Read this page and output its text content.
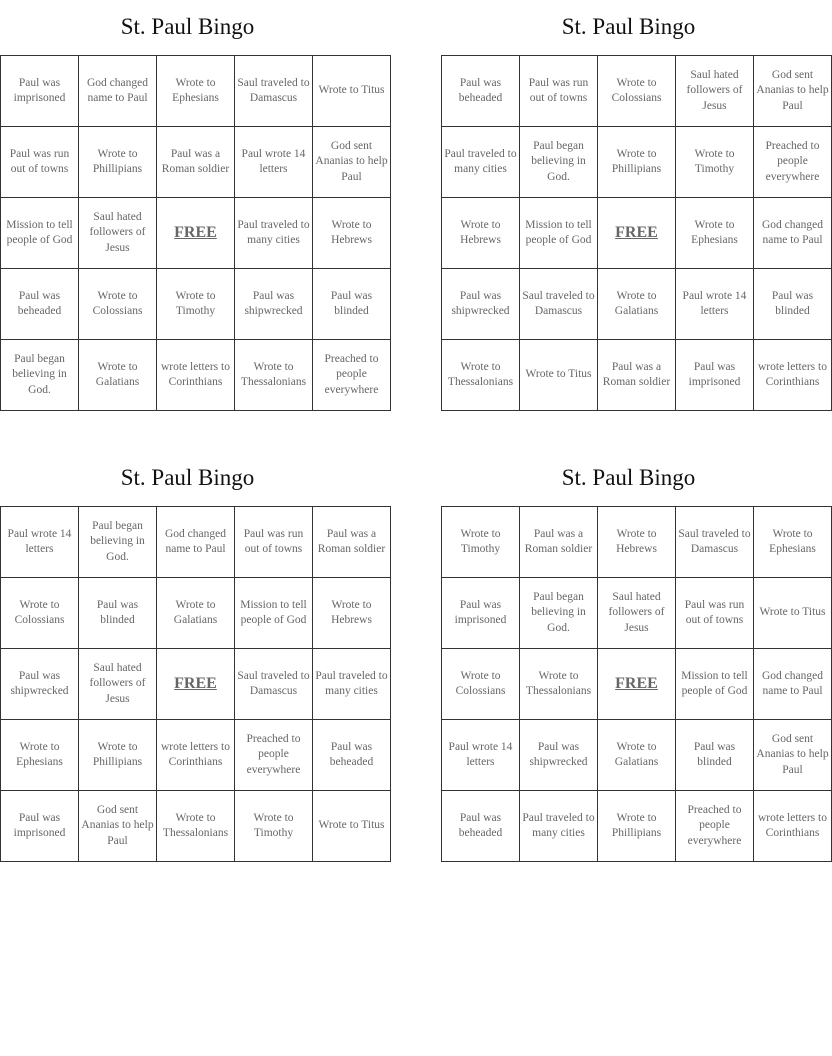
St. Paul Bingo
Paul was imprisoned	God changed name to Paul	Wrote to Ephesians	Saul traveled to Damascus	Wrote to Titus
Paul was run out of towns	Wrote to Phillipians	Paul was a Roman soldier	Paul wrote 14 letters	God sent Ananias to help Paul
Mission to tell people of God	Saul hated followers of Jesus	FREE	Paul traveled to many cities	Wrote to Hebrews
Paul was beheaded	Wrote to Colossians	Wrote to Timothy	Paul was shipwrecked	Paul was blinded
Paul began believing in God.	Wrote to Galatians	wrote letters to Corinthians	Wrote to Thessalonians	Preached to people everywhere
St. Paul Bingo
Paul was beheaded	Paul was run out of towns	Wrote to Colossians	Saul hated followers of Jesus	God sent Ananias to help Paul
Paul traveled to many cities	Paul began believing in God.	Wrote to Phillipians	Wrote to Timothy	Preached to people everywhere
Wrote to Hebrews	Mission to tell people of God	FREE	Wrote to Ephesians	God changed name to Paul
Paul was shipwrecked	Saul traveled to Damascus	Wrote to Galatians	Paul wrote 14 letters	Paul was blinded
Wrote to Thessalonians	Wrote to Titus	Paul was a Roman soldier	Paul was imprisoned	wrote letters to Corinthians
St. Paul Bingo
Paul wrote 14 letters	Paul began believing in God.	God changed name to Paul	Paul was run out of towns	Paul was a Roman soldier
Wrote to Colossians	Paul was blinded	Wrote to Galatians	Mission to tell people of God	Wrote to Hebrews
Paul was shipwrecked	Saul hated followers of Jesus	FREE	Saul traveled to Damascus	Paul traveled to many cities
Wrote to Ephesians	Wrote to Phillipians	wrote letters to Corinthians	Preached to people everywhere	Paul was beheaded
Paul was imprisoned	God sent Ananias to help Paul	Wrote to Thessalonians	Wrote to Timothy	Wrote to Titus
St. Paul Bingo
Wrote to Timothy	Paul was a Roman soldier	Wrote to Hebrews	Saul traveled to Damascus	Wrote to Ephesians
Paul was imprisoned	Paul began believing in God.	Saul hated followers of Jesus	Paul was run out of towns	Wrote to Titus
Wrote to Colossians	Wrote to Thessalonians	FREE	Mission to tell people of God	God changed name to Paul
Paul wrote 14 letters	Paul was shipwrecked	Wrote to Galatians	Paul was blinded	God sent Ananias to help Paul
Paul was beheaded	Paul traveled to many cities	Wrote to Phillipians	Preached to people everywhere	wrote letters to Corinthians
